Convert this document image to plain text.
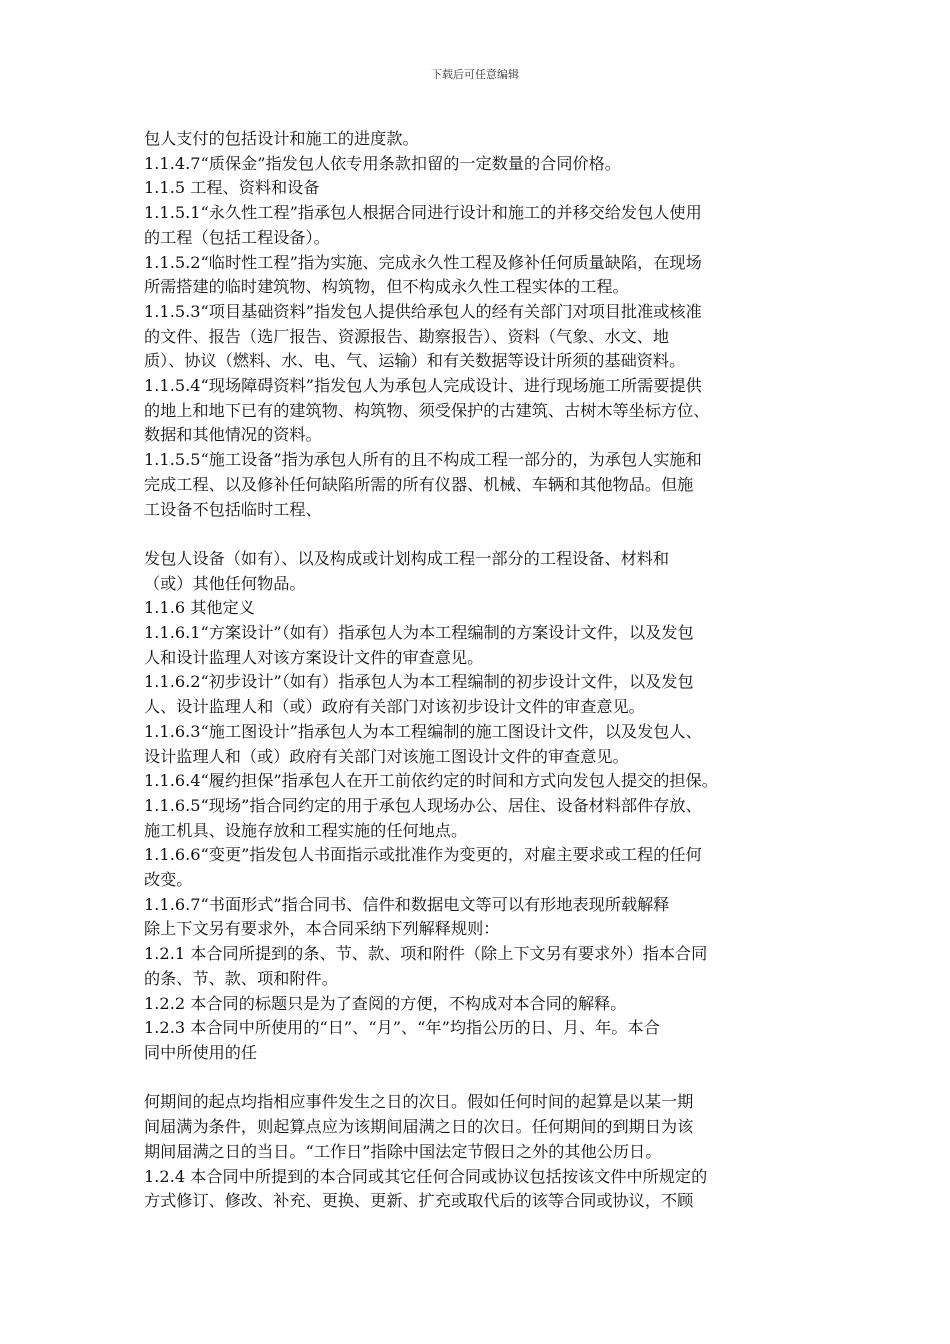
下载后可任意编辑

包人支付的包括设计和施工的进度款。

1.1.4.7“质保金”指发包人依专用条款扣留的一定数量的合同价格。

1.1.5 工程、资料和设备

1.1.5.1“永久性工程”指承包人根据合同进行设计和施工的并移交给发包人使用

的工程（包括工程设备）。

1.1.5.2“临时性工程”指为实施、完成永久性工程及修补任何质量缺陷，在现场

所需搭建的临时建筑物、构筑物，但不构成永久性工程实体的工程。

1.1.5.3“项目基础资料”指发包人提供给承包人的经有关部门对项目批准或核准

的文件、报告（选厂报告、资源报告、勘察报告）、资料（气象、水文、地

质）、协议（燃料、水、电、气、运输）和有关数据等设计所须的基础资料。

1.1.5.4“现场障碍资料”指发包人为承包人完成设计、进行现场施工所需要提供

的地上和地下已有的建筑物、构筑物、须受保护的古建筑、古树木等坐标方位、

数据和其他情况的资料。

1.1.5.5“施工设备”指为承包人所有的且不构成工程一部分的，为承包人实施和

完成工程、以及修补任何缺陷所需的所有仪器、机械、车辆和其他物品。但施

工设备不包括临时工程、

发包人设备（如有）、以及构成或计划构成工程一部分的工程设备、材料和

（或）其他任何物品。

1.1.6 其他定义

1.1.6.1“方案设计”（如有）指承包人为本工程编制的方案设计文件，以及发包

人和设计监理人对该方案设计文件的审查意见。

1.1.6.2“初步设计”（如有）指承包人为本工程编制的初步设计文件，以及发包

人、设计监理人和（或）政府有关部门对该初步设计文件的审查意见。

1.1.6.3“施工图设计”指承包人为本工程编制的施工图设计文件，以及发包人、

设计监理人和（或）政府有关部门对该施工图设计文件的审查意见。

1.1.6.4“履约担保”指承包人在开工前依约定的时间和方式向发包人提交的担保。

1.1.6.5“现场”指合同约定的用于承包人现场办公、居住、设备材料部件存放、

施工机具、设施存放和工程实施的任何地点。

1.1.6.6“变更”指发包人书面指示或批准作为变更的，对雇主要求或工程的任何

改变。

1.1.6.7“书面形式”指合同书、信件和数据电文等可以有形地表现所载解释

除上下文另有要求外，本合同采纳下列解释规则：

1.2.1 本合同所提到的条、节、款、项和附件（除上下文另有要求外）指本合同

的条、节、款、项和附件。

1.2.2 本合同的标题只是为了查阅的方便，不构成对本合同的解释。

1.2.3 本合同中所使用的“日”、“月”、“年”均指公历的日、月、年。本合

同中所使用的任

何期间的起点均指相应事件发生之日的次日。假如任何时间的起算是以某一期

间届满为条件，则起算点应为该期间届满之日的次日。任何期间的到期日为该

期间届满之日的当日。“工作日”指除中国法定节假日之外的其他公历日。

1.2.4 本合同中所提到的本合同或其它任何合同或协议包括按该文件中所规定的

方式修订、修改、补充、更换、更新、扩充或取代后的该等合同或协议，不顾
